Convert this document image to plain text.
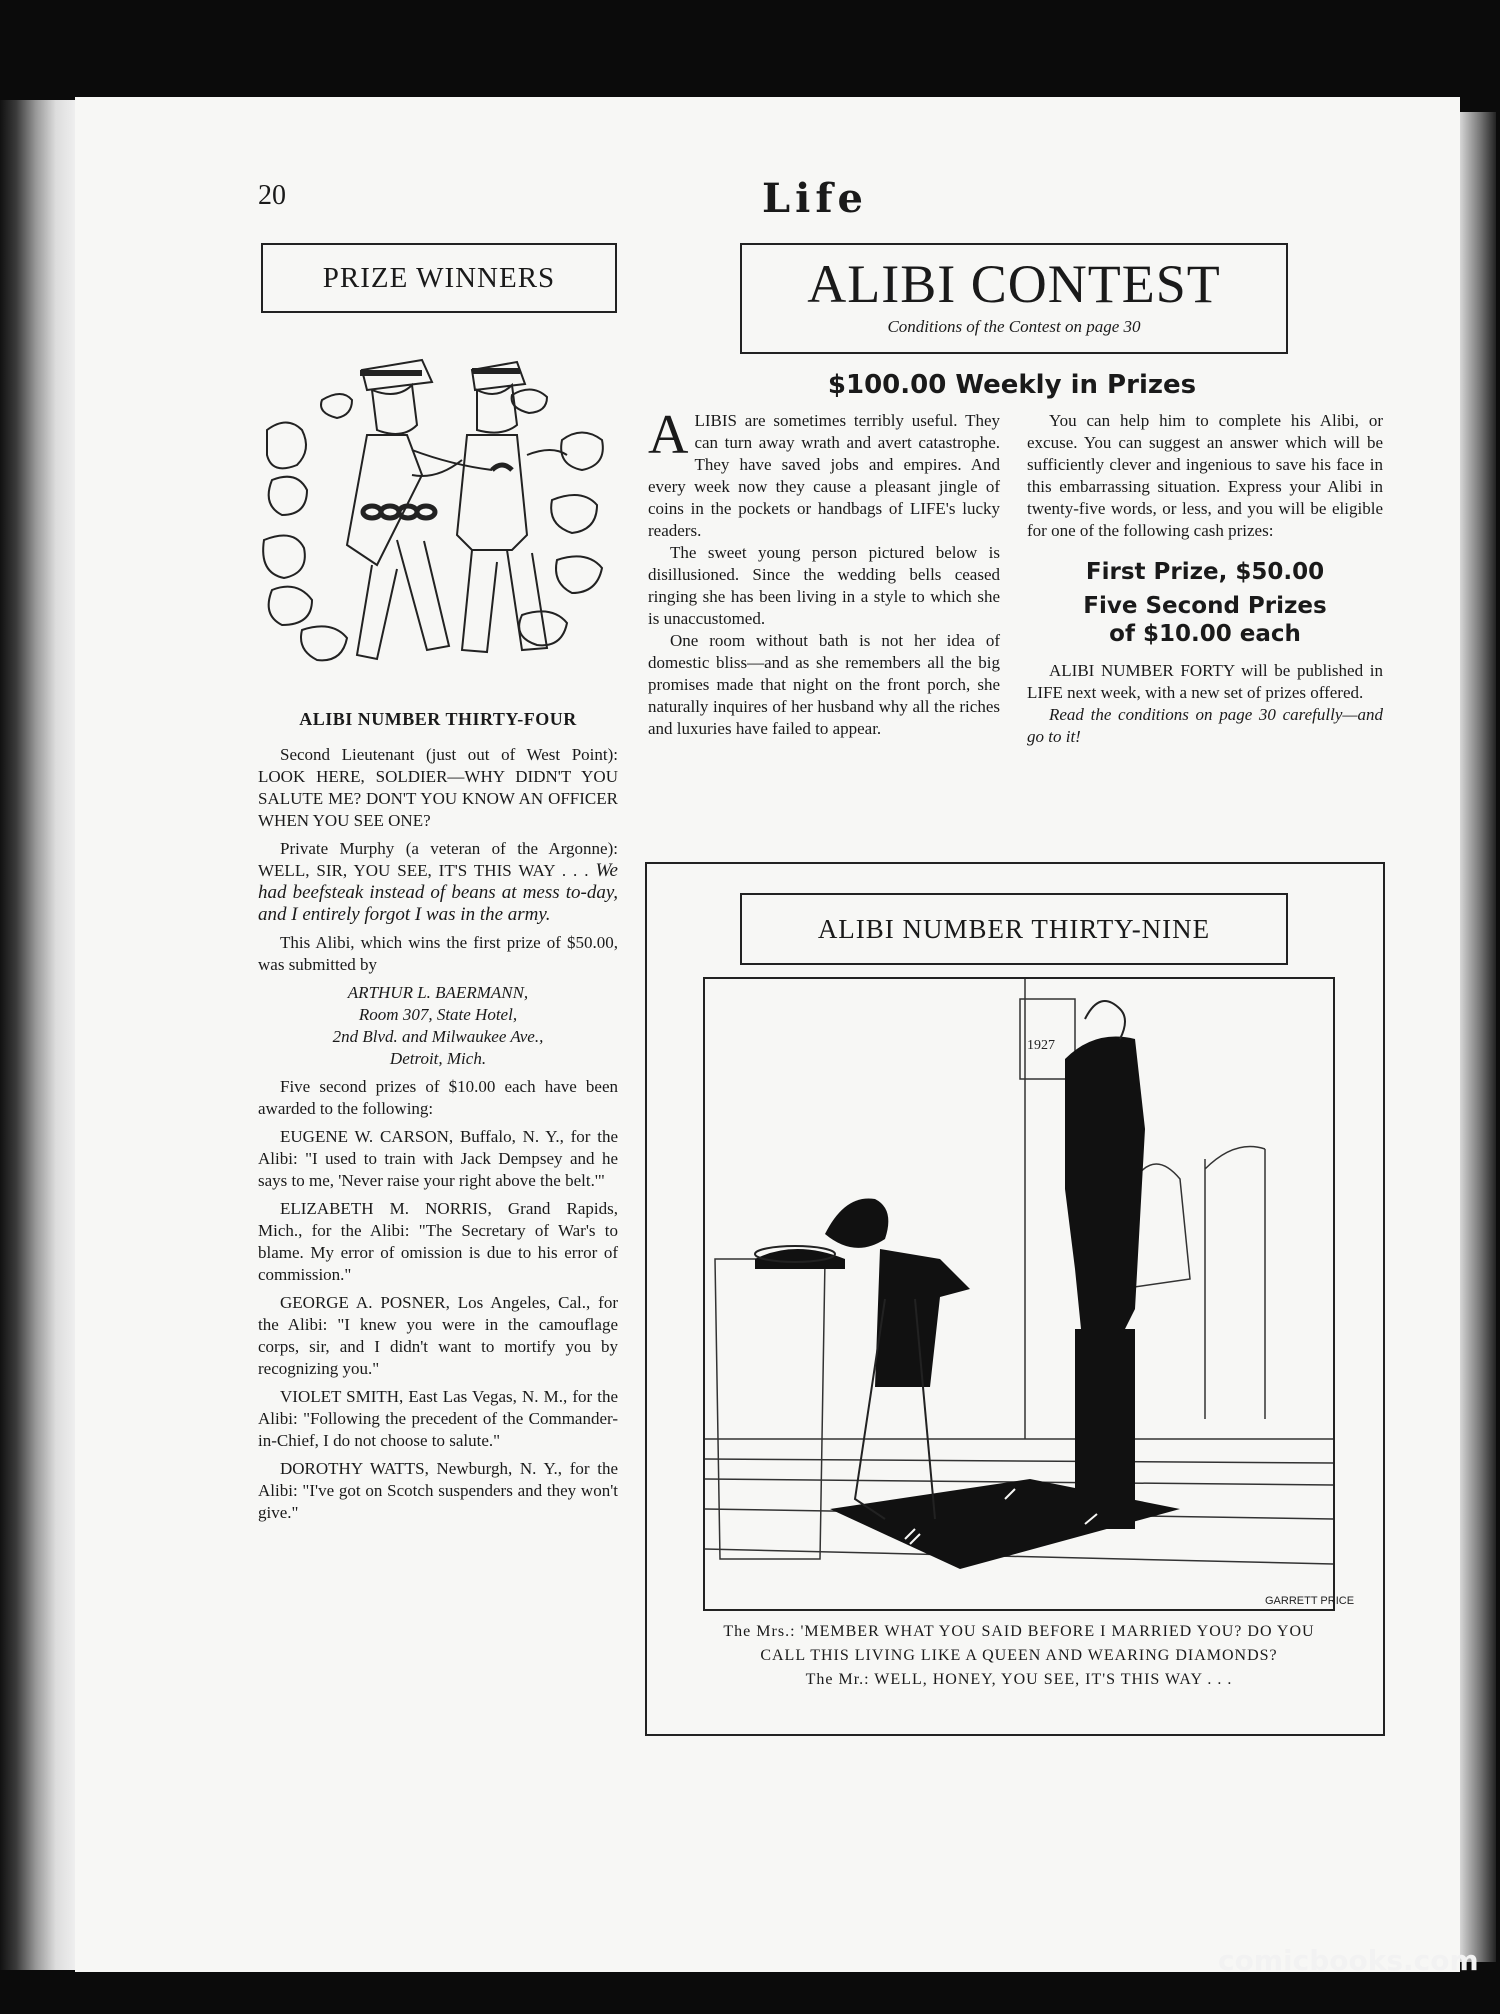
20	Life
PRIZE WINNERS	ALIBI CONTEST
Conditions of the Contest on page 30
$100.00 Weekly in Prizes

ALIBIS are sometimes terribly useful. They can turn away wrath and avert catastrophe. They have saved jobs and empires. And every week now they cause a pleasant jingle of coins in the pockets or handbags of LIFE's lucky readers.

The sweet young person pictured below is disillusioned. Since the wedding bells ceased ringing she has been living in a style to which she is unaccustomed.

One room without bath is not her idea of domestic bliss—and as she remembers all the big promises made that night on the front porch, she naturally inquires of her husband why all the riches and luxuries have failed to appear.

You can help him to complete his Alibi, or excuse. You can suggest an answer which will be sufficiently clever and ingenious to save his face in this embarrassing situation. Express your Alibi in twenty-five words, or less, and you will be eligible for one of the following cash prizes:

First Prize, $50.00
Five Second Prizes
of $10.00 each

ALIBI NUMBER FORTY will be published in LIFE next week, with a new set of prizes offered.

Read the conditions on page 30 carefully—and go to it!

ALIBI NUMBER THIRTY-FOUR

Second Lieutenant (just out of West Point): LOOK HERE, SOLDIER—WHY DIDN'T YOU SALUTE ME? DON'T YOU KNOW AN OFFICER WHEN YOU SEE ONE?

Private Murphy (a veteran of the Argonne): WELL, SIR, YOU SEE, IT'S THIS WAY . . . We had beefsteak instead of beans at mess to-day, and I entirely forgot I was in the army.

This Alibi, which wins the first prize of $50.00, was submitted by

ARTHUR L. BAERMANN,

Room 307, State Hotel,

2nd Blvd. and Milwaukee Ave.,

Detroit, Mich.

Five second prizes of $10.00 each have been awarded to the following:

EUGENE W. CARSON, Buffalo, N. Y., for the Alibi: "I used to train with Jack Dempsey and he says to me, 'Never raise your right above the belt.'"

ELIZABETH M. NORRIS, Grand Rapids, Mich., for the Alibi: "The Secretary of War's to blame. My error of omission is due to his error of commission."

GEORGE A. POSNER, Los Angeles, Cal., for the Alibi: "I knew you were in the camouflage corps, sir, and I didn't want to mortify you by recognizing you."

VIOLET SMITH, East Las Vegas, N. M., for the Alibi: "Following the precedent of the Commander-in-Chief, I do not choose to salute."

DOROTHY WATTS, Newburgh, N. Y., for the Alibi: "I've got on Scotch suspenders and they won't give."

ALIBI NUMBER THIRTY-NINE
1927
GARRETT PRICE
The Mrs.: 'MEMBER WHAT YOU SAID BEFORE I MARRIED YOU? DO YOU CALL THIS LIVING LIKE A QUEEN AND WEARING DIAMONDS?
The Mr.: WELL, HONEY, YOU SEE, IT'S THIS WAY . . .
comicbooks.com
